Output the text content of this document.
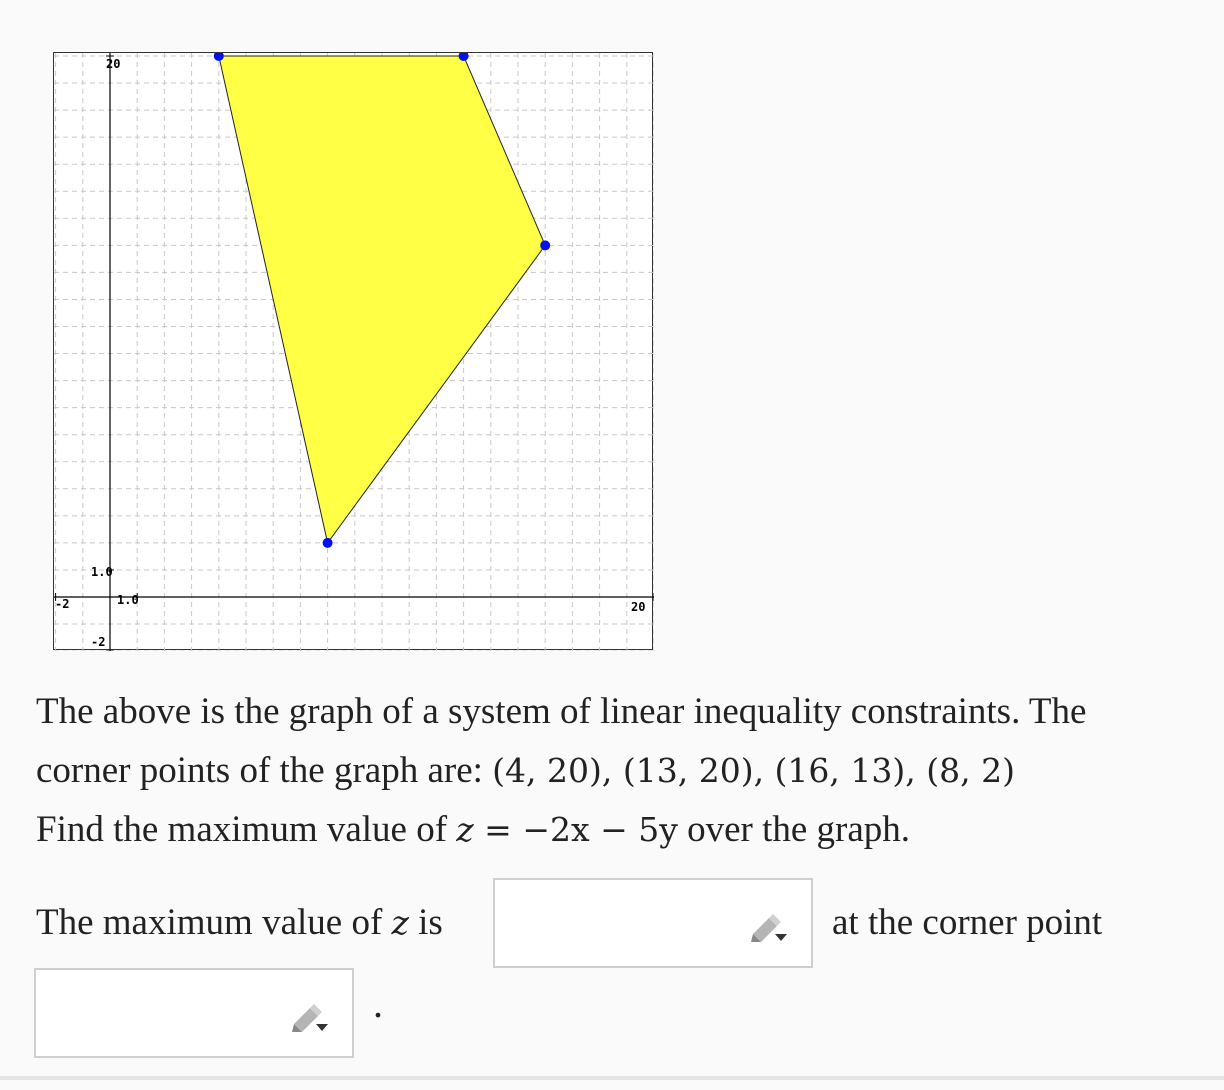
20
1.0
-2
-2	1.0	20

The above is the graph of a system of linear inequality constraints. The

corner points of the graph are: (4, 20), (13, 20), (16, 13), (8, 2)

Find the maximum value of z = −2x − 5y over the graph.

The maximum value of z is	at the corner point
.
